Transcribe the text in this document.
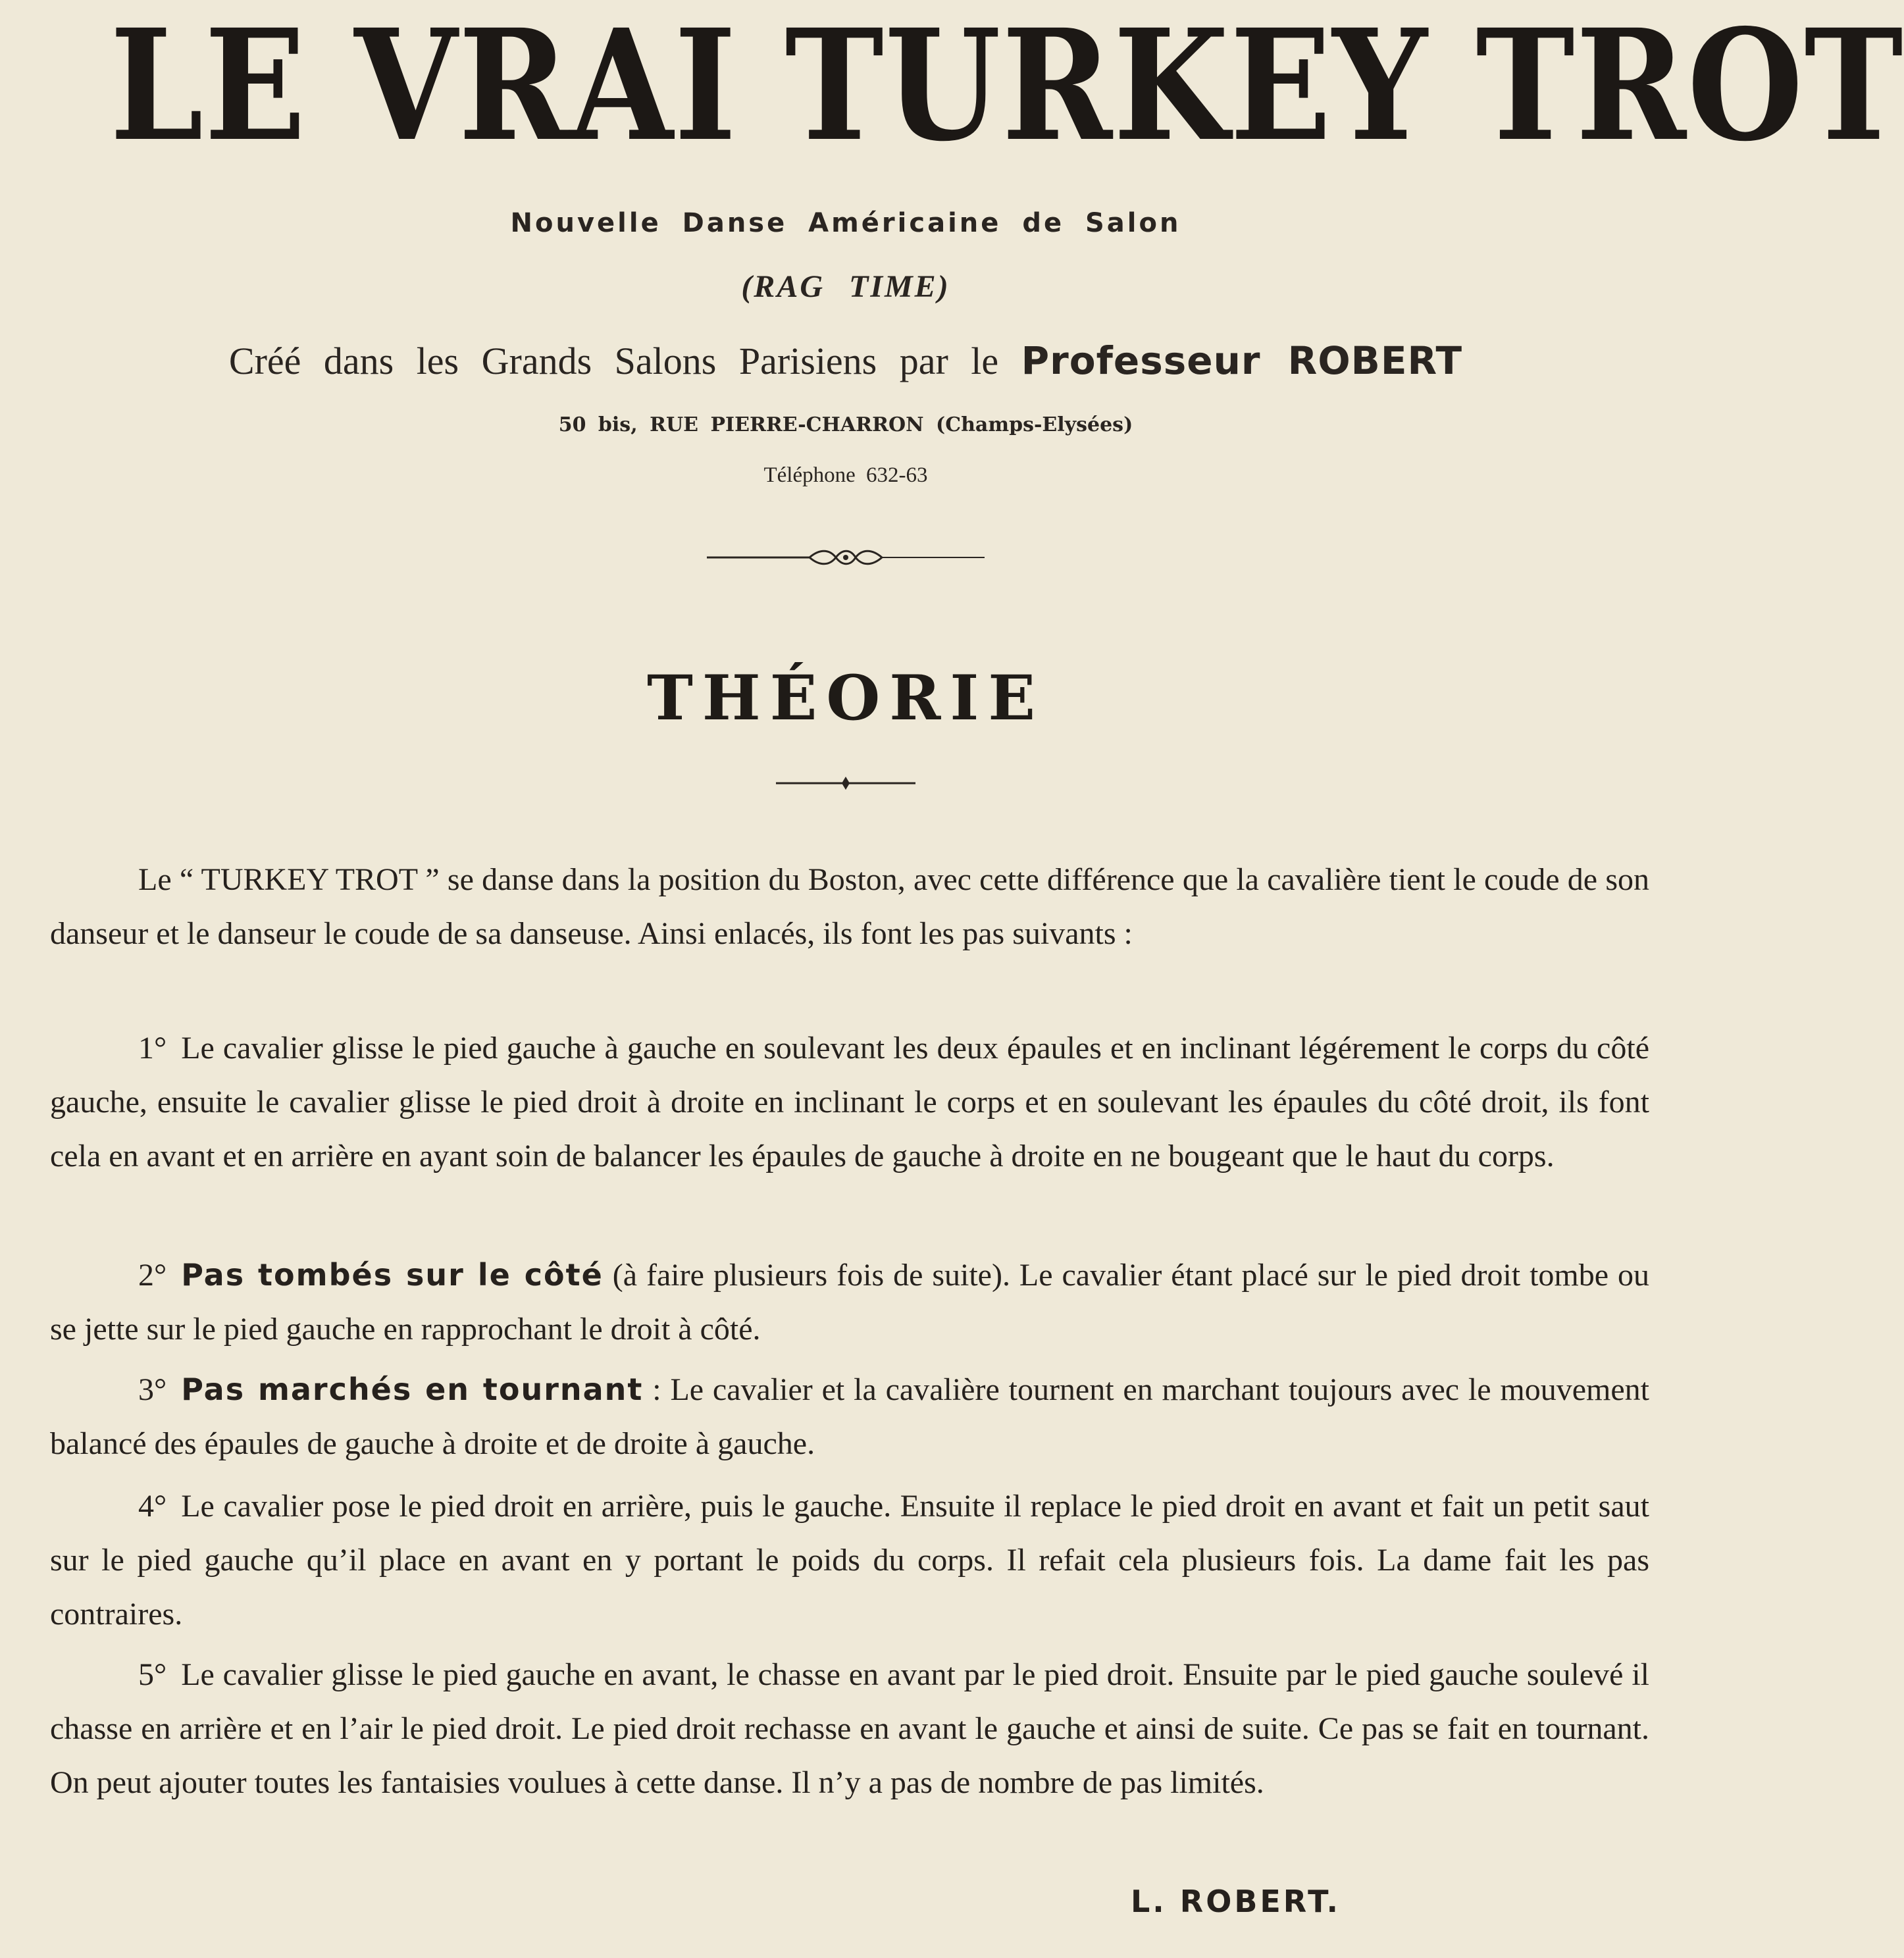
LE VRAI TURKEY TROT
Nouvelle Danse Américaine de Salon
(RAG TIME)
Créé dans les Grands Salons Parisiens par le Professeur ROBERT
50 bis, RUE PIERRE-CHARRON (Champs-Elysées)
Téléphone 632-63
THÉORIE

Le “ TURKEY TROT ” se danse dans la position du Boston, avec cette différence que la cavalière tient le coude de son danseur et le danseur le coude de sa danseuse. Ainsi enlacés, ils font les pas suivants :

1° Le cavalier glisse le pied gauche à gauche en soulevant les deux épaules et en inclinant légérement le corps du côté gauche, ensuite le cavalier glisse le pied droit à droite en inclinant le corps et en soulevant les épaules du côté droit, ils font cela en avant et en arrière en ayant soin de balancer les épaules de gauche à droite en ne bougeant que le haut du corps.

2° Pas tombés sur le côté (à faire plusieurs fois de suite). Le cavalier étant placé sur le pied droit tombe ou se jette sur le pied gauche en rapprochant le droit à côté.

3° Pas marchés en tournant : Le cavalier et la cavalière tournent en marchant toujours avec le mouvement balancé des épaules de gauche à droite et de droite à gauche.

4° Le cavalier pose le pied droit en arrière, puis le gauche. Ensuite il replace le pied droit en avant et fait un petit saut sur le pied gauche qu’il place en avant en y portant le poids du corps. Il refait cela plusieurs fois. La dame fait les pas contraires.

5° Le cavalier glisse le pied gauche en avant, le chasse en avant par le pied droit. Ensuite par le pied gauche soulevé il chasse en arrière et en l’air le pied droit. Le pied droit rechasse en avant le gauche et ainsi de suite. Ce pas se fait en tournant. On peut ajouter toutes les fantaisies voulues à cette danse. Il n’y a pas de nombre de pas limités.

L. ROBERT.
